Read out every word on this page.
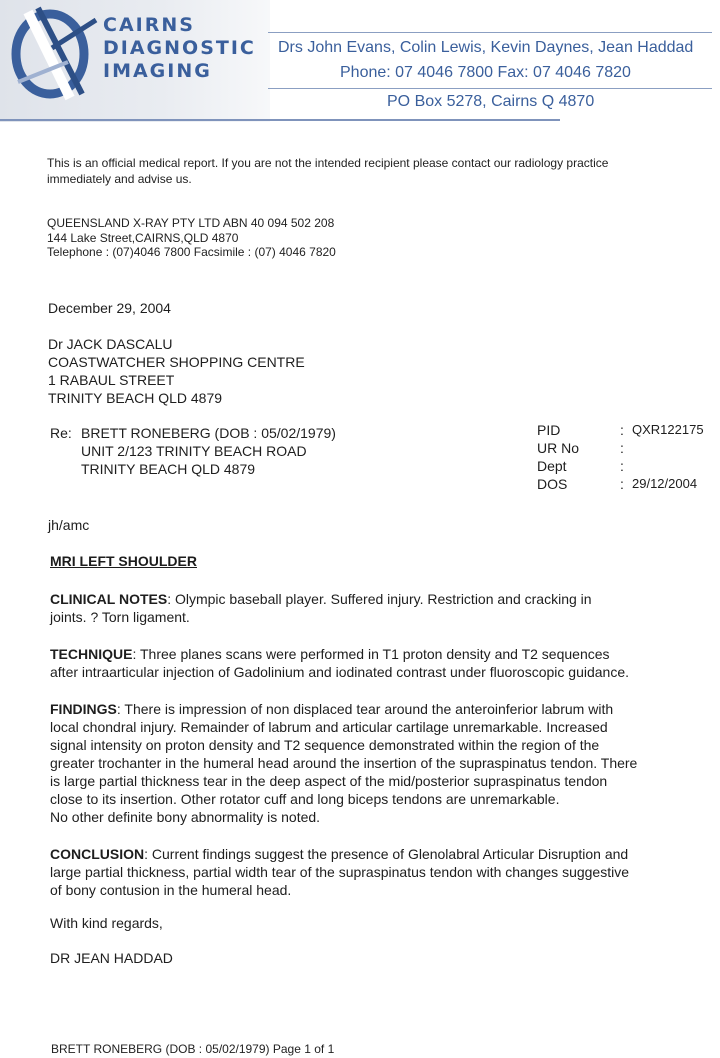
CAIRNS
DIAGNOSTIC
IMAGING
Drs John Evans, Colin Lewis, Kevin Daynes, Jean Haddad
Phone: 07 4046 7800 Fax: 07 4046 7820
PO Box 5278, Cairns Q 4870
This is an official medical report. If you are not the intended recipient please contact our radiology practice
immediately and advise us.
QUEENSLAND X-RAY PTY LTD ABN 40 094 502 208
144 Lake Street,CAIRNS,QLD 4870
Telephone : (07)4046 7800 Facsimile : (07) 4046 7820
December 29, 2004
Dr JACK DASCALU
COASTWATCHER SHOPPING CENTRE
1 RABAUL STREET
TRINITY BEACH QLD 4879
Re: BRETT RONEBERG (DOB : 05/02/1979)
UNIT 2/123 TRINITY BEACH ROAD
TRINITY BEACH QLD 4879
PID	: QXR122175
UR No	:
Dept	:
DOS	: 29/12/2004
jh/amc
MRI LEFT SHOULDER
CLINICAL NOTES: Olympic baseball player. Suffered injury. Restriction and cracking in
joints. ? Torn ligament.
TECHNIQUE: Three planes scans were performed in T1 proton density and T2 sequences
after intraarticular injection of Gadolinium and iodinated contrast under fluoroscopic guidance.
FINDINGS: There is impression of non displaced tear around the anteroinferior labrum with
local chondral injury. Remainder of labrum and articular cartilage unremarkable. Increased
signal intensity on proton density and T2 sequence demonstrated within the region of the
greater trochanter in the humeral head around the insertion of the supraspinatus tendon. There
is large partial thickness tear in the deep aspect of the mid/posterior supraspinatus tendon
close to its insertion. Other rotator cuff and long biceps tendons are unremarkable.
No other definite bony abnormality is noted.
CONCLUSION: Current findings suggest the presence of Glenolabral Articular Disruption and
large partial thickness, partial width tear of the supraspinatus tendon with changes suggestive
of bony contusion in the humeral head.
With kind regards,
DR JEAN HADDAD
BRETT RONEBERG (DOB : 05/02/1979) Page 1 of 1
